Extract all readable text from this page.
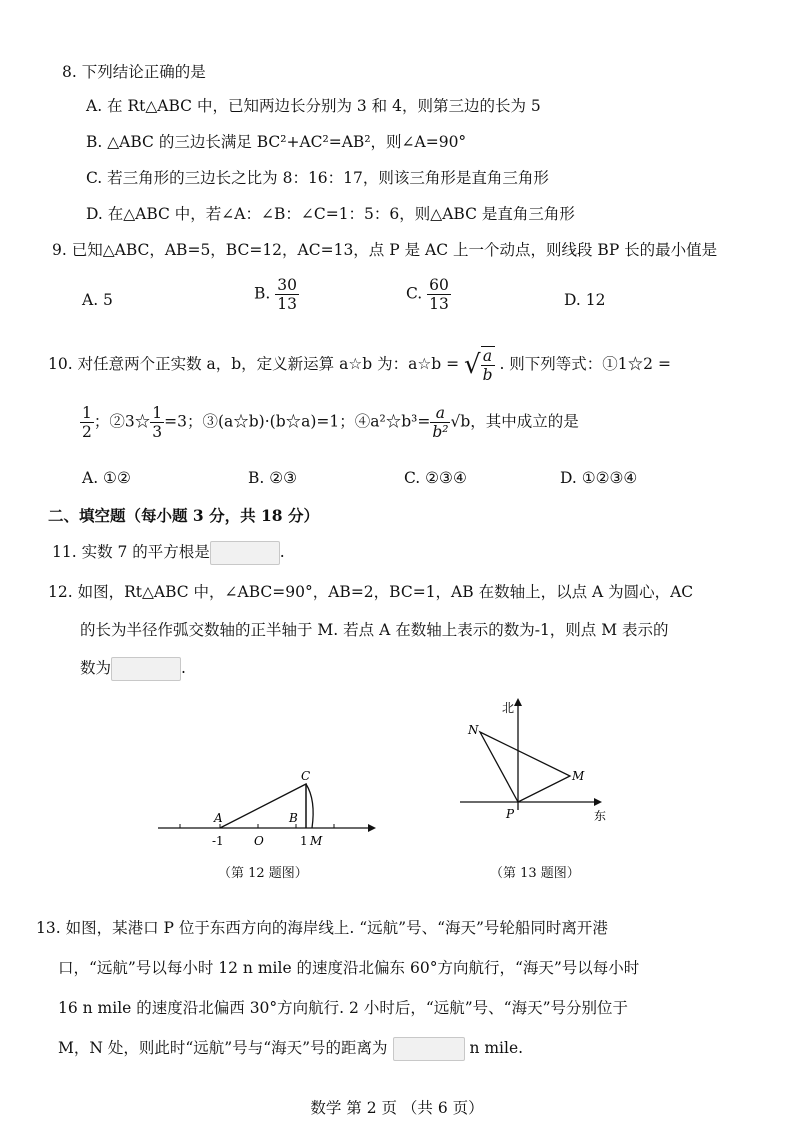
8. 下列结论正确的是
A. 在 Rt△ABC 中，已知两边长分别为 3 和 4，则第三边的长为 5
B. △ABC 的三边长满足 BC²+AC²=AB²，则∠A=90°
C. 若三角形的三边长之比为 8：16：17，则该三角形是直角三角形
D. 在△ABC 中，若∠A：∠B：∠C=1：5：6，则△ABC 是直角三角形
9. 已知△ABC，AB=5，BC=12，AC=13，点 P 是 AC 上一个动点，则线段 BP 长的最小值是
A. 5	B. $\frac{30}{13}$	C. $\frac{60}{13}$	D. 12
10. 对任意两个正实数 a，b，定义新运算 a☆b 为：a☆b = √ $\frac{a}{b}$ . 则下列等式：①1☆2 =
$\frac{1}{2}$ ；②3☆ $\frac{1}{3} =3$；③(a☆b)·(b☆a)=1；④a²☆b³= $\frac{a}{\text{b²}} √b$，其中成立的是
A. ①②	B. ②③	C. ②③④	D. ①②③④
二、填空题（每小题 3 分，共 18 分）
11. 实数 7 的平方根是	.
12. 如图，Rt△ABC 中，∠ABC=90°，AB=2，BC=1，AB 在数轴上，以点 A 为圆心，AC
的长为半径作弧交数轴的正半轴于 M. 若点 A 在数轴上表示的数为-1，则点 M 表示的
数为	.
A	B
C
O
-1	1 M
（第 12 题图）
北
东
N
M
P
（第 13 题图）
13. 如图，某港口 P 位于东西方向的海岸线上. “远航”号、“海天”号轮船同时离开港
口，“远航”号以每小时 12 n mile 的速度沿北偏东 60°方向航行，“海天”号以每小时
16 n mile 的速度沿北偏西 30°方向航行. 2 小时后，“远航”号、“海天”号分别位于
M，N 处，则此时“远航”号与“海天”号的距离为	n mile.
数学 第 2 页 （共 6 页）
